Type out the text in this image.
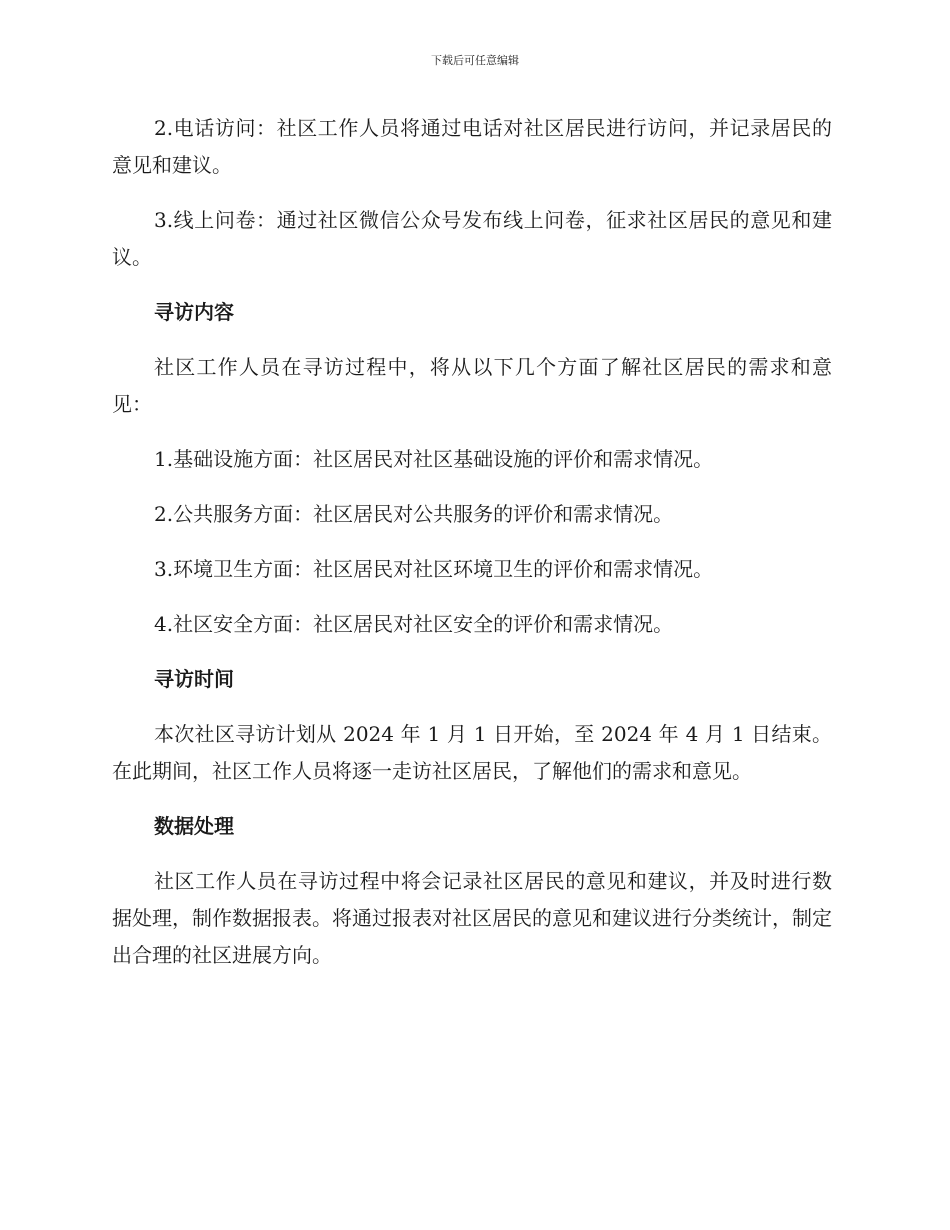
下载后可任意编辑

2.电话访问：社区工作人员将通过电话对社区居民进行访问，并记录居民的意见和建议。

3.线上问卷：通过社区微信公众号发布线上问卷，征求社区居民的意见和建议。

寻访内容

社区工作人员在寻访过程中，将从以下几个方面了解社区居民的需求和意见：

1.基础设施方面：社区居民对社区基础设施的评价和需求情况。

2.公共服务方面：社区居民对公共服务的评价和需求情况。

3.环境卫生方面：社区居民对社区环境卫生的评价和需求情况。

4.社区安全方面：社区居民对社区安全的评价和需求情况。

寻访时间

本次社区寻访计划从 2024 年 1 月 1 日开始，至 2024 年 4 月 1 日结束。在此期间，社区工作人员将逐一走访社区居民，了解他们的需求和意见。

数据处理

社区工作人员在寻访过程中将会记录社区居民的意见和建议，并及时进行数据处理，制作数据报表。将通过报表对社区居民的意见和建议进行分类统计，制定出合理的社区进展方向。
